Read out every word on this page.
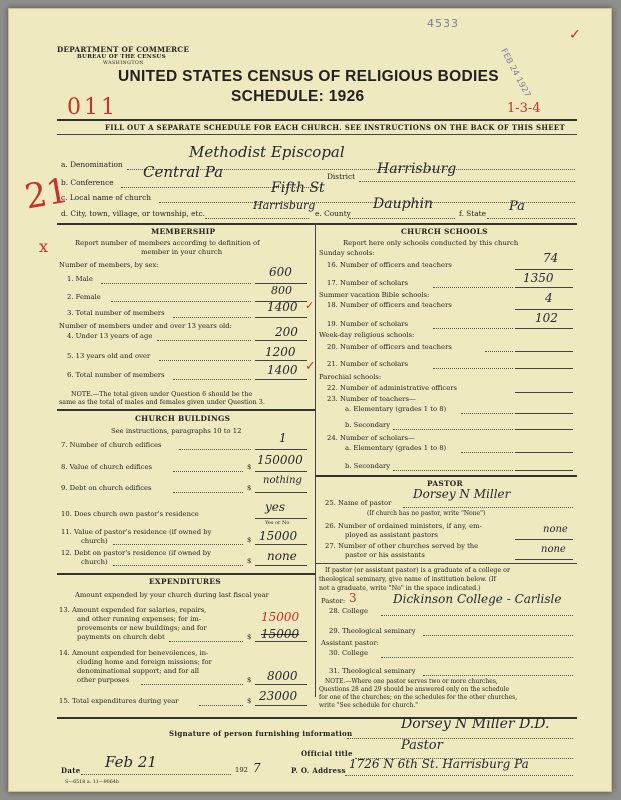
4533
FEB 24 1927
✓
DEPARTMENT OF COMMERCE
BUREAU OF THE CENSUS
WASHINGTON
UNITED STATES CENSUS OF RELIGIOUS BODIES
SCHEDULE: 1926
011	1-3-4
FILL OUT A SEPARATE SCHEDULE FOR EACH CHURCH. SEE INSTRUCTIONS ON THE BACK OF THIS SHEET
21
x
a. Denomination
Methodist Episcopal
b. Conference
Central Pa	District Harrisburg
c. Local name of church
Fifth St
d. City, town, village, or township, etc.
Harrisburg
e. County
Dauphin
f. State Pa
MEMBERSHIP
Report number of members according to definition of
member in your church
Number of members, by sex:
1. Male	600
2. Female	800
3. Total number of members	1400 ✓
Number of members under and over 13 years old:
4. Under 13 years of age	200
5. 13 years old and over	1200
6. Total number of members	1400 ✓
NOTE.—The total given under Question 6 should be the
same as the total of males and females given under Question 3.
CHURCH BUILDINGS
See instructions, paragraphs 10 to 12
7. Number of church edifices	1
8. Value of church edifices	$ 150000
9. Debt on church edifices	$
nothing
10. Does church own pastor's residence	yes
Yes or No
11. Value of pastor's residence (if owned by
church)	$ 15000
12. Debt on pastor's residence (if owned by
church)	$ none
EXPENDITURES
Amount expended by your church during last fiscal year
13. Amount expended for salaries, repairs,
and other running expenses; for im-
provements or new buildings; and for
payments on church debt	$
15000
15000
14. Amount expended for benevolences, in-
cluding home and foreign missions; for
denominational support; and for all
other purposes	$ 8000
15. Total expenditures during year	$ 23000
CHURCH SCHOOLS
Report here only schools conducted by this church
Sunday schools:
16. Number of officers and teachers	74
17. Number of scholars	1350
Summer vacation Bible schools:
18. Number of officers and teachers	4
19. Number of scholars	102
Week-day religious schools:
20. Number of officers and teachers
21. Number of scholars
Parochial schools:
22. Number of administrative officers
23. Number of teachers—
a. Elementary (grades 1 to 8)
b. Secondary
24. Number of scholars—
a. Elementary (grades 1 to 8)
b. Secondary
PASTOR
25. Name of pastor
Dorsey N Miller
(If church has no pastor, write "None")
26. Number of ordained ministers, if any, em-
ployed as assistant pastors	none
27. Number of other churches served by the
pastor or his assistants	none
If pastor (or assistant pastor) is a graduate of a college or
theological seminary, give name of institution below. (If
not a graduate, write "No" in the space indicated.)
Pastor: 3
28. College
Dickinson College - Carlisle
29. Theological seminary
Assistant pastor:
30. College
31. Theological seminary
NOTE.—Where one pastor serves two or more churches,
Questions 28 and 29 should be answered only on the schedule
for one of the churches; on the schedules for the other churches,
write "See schedule for church."
Signature of person furnishing information
Dorsey N Miller D.D.
Official title
Pastor
Date Feb 21	192 7	P. O. Address 1726 N 6th St. Harrisburg Pa
S—6518 a. 11—9064b
